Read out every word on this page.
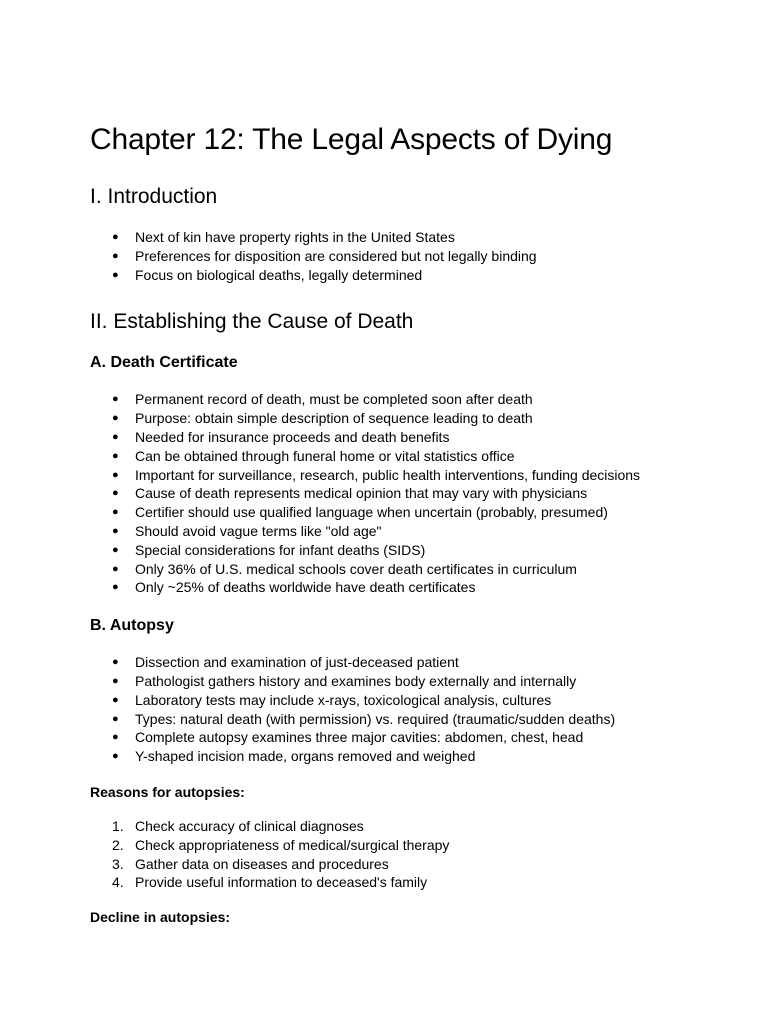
Chapter 12: The Legal Aspects of Dying
I. Introduction
● Next of kin have property rights in the United States
● Preferences for disposition are considered but not legally binding
● Focus on biological deaths, legally determined
II. Establishing the Cause of Death
A. Death Certificate
● Permanent record of death, must be completed soon after death
● Purpose: obtain simple description of sequence leading to death
● Needed for insurance proceeds and death benefits
● Can be obtained through funeral home or vital statistics office
● Important for surveillance, research, public health interventions, funding decisions
● Cause of death represents medical opinion that may vary with physicians
● Certifier should use qualified language when uncertain (probably, presumed)
● Should avoid vague terms like "old age"
● Special considerations for infant deaths (SIDS)
● Only 36% of U.S. medical schools cover death certificates in curriculum
● Only ~25% of deaths worldwide have death certificates
B. Autopsy
● Dissection and examination of just-deceased patient
● Pathologist gathers history and examines body externally and internally
● Laboratory tests may include x-rays, toxicological analysis, cultures
● Types: natural death (with permission) vs. required (traumatic/sudden deaths)
● Complete autopsy examines three major cavities: abdomen, chest, head
● Y-shaped incision made, organs removed and weighed

Reasons for autopsies:

1. Check accuracy of clinical diagnoses
2. Check appropriateness of medical/surgical therapy
3. Gather data on diseases and procedures
4. Provide useful information to deceased's family

Decline in autopsies:
